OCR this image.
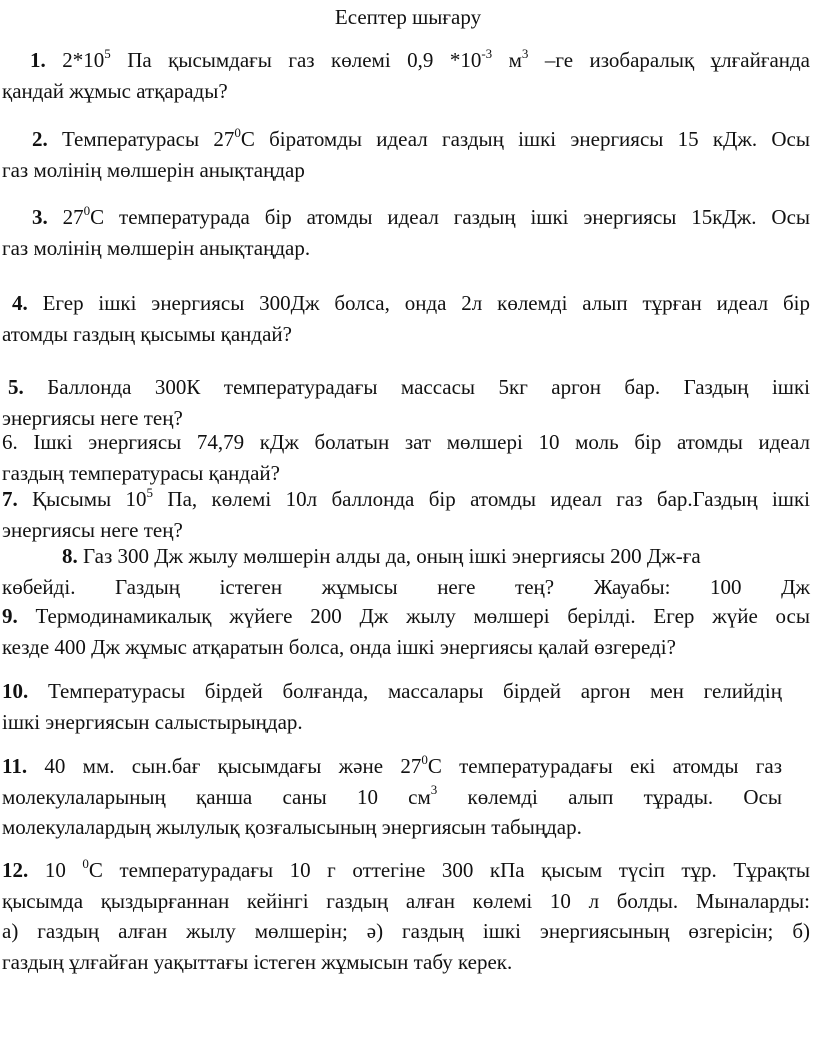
Есептер шығару
1. $2*10^5$ Па қысымдағы газ көлемі 0,9 $*10^{-3}$ $м^3$ –ге изобаралық ұлғайғанда
қандай жұмыс атқарады?
2. Температурасы $27^0С$ біратомды идеал газдың ішкі энергиясы 15 кДж. Осы
газ молінің мөлшерін анықтаңдар
3. $27^0С$ температурада бір атомды идеал газдың ішкі энергиясы 15кДж. Осы
газ молінің мөлшерін анықтаңдар.
4. Егер ішкі энергиясы 300Дж болса, онда 2л көлемді алып тұрған идеал бір
атомды газдың қысымы қандай?
5. Баллонда 300К температурадағы массасы 5кг аргон бар. Газдың ішкі
энергиясы неге тең?
6. Ішкі энергиясы 74,79 кДж болатын зат мөлшері 10 моль бір атомды идеал
газдың температурасы қандай?
7. Қысымы $10^5$ Па, көлемі 10л баллонда бір атомды идеал газ бар.Газдың ішкі
энергиясы неге тең?
8. Газ 300 Дж жылу мөлшерін алды да, оның ішкі энергиясы 200 Дж-ға
көбейді. Газдың істеген жұмысы неге тең? Жауабы: 100 Дж
9. Термодинамикалық жүйеге 200 Дж жылу мөлшері берілді. Егер жүйе осы
кезде 400 Дж жұмыс атқаратын болса, онда ішкі энергиясы қалай өзгереді?
10. Температурасы бірдей болғанда, массалары бірдей аргон мен гелийдің
ішкі энергиясын салыстырыңдар.
11. 40 мм. сын.бағ қысымдағы және $27^0С$ температурадағы екі атомды газ
молекулаларының қанша саны 10 $см^3$ көлемді алып тұрады. Осы
молекулалардың жылулық қозғалысының энергиясын табыңдар.
12. 10 $^0$С температурадағы 10 г оттегіне 300 кПа қысым түсіп тұр. Тұрақты
қысымда қыздырғаннан кейінгі газдың алған көлемі 10 л болды. Мыналарды:
а) газдың алған жылу мөлшерін; ә) газдың ішкі энергиясының өзгерісін; б)
газдың ұлғайған уақыттағы істеген жұмысын табу керек.
